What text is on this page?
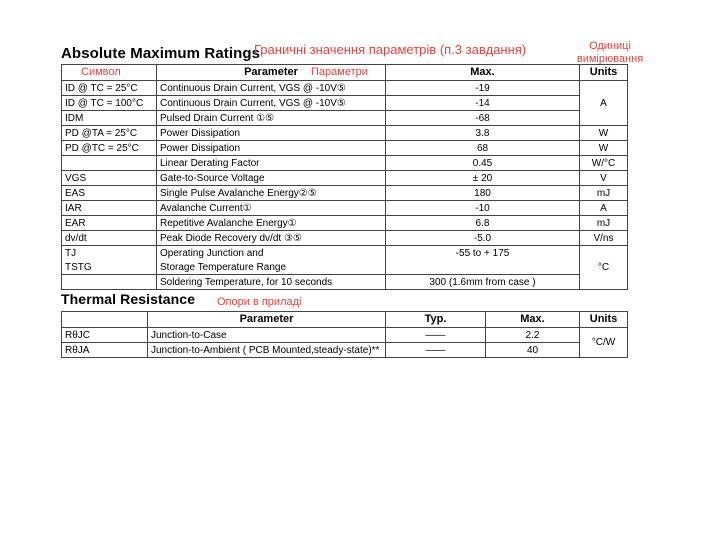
Absolute Maximum Ratings
Граничні значення параметрів (п.3 завдання)	Одиниці вимірювання
Символ	Параметри
	Parameter	Max.	Units
ID @ TC = 25°C	Continuous Drain Current, VGS @ -10V⑤	-19	
ID @ TC = 100°C	Continuous Drain Current, VGS @ -10V⑤	-14	A
IDM	Pulsed Drain Current ①⑤	-68	
PD @TA = 25°C	Power Dissipation	3.8	W
PD @TC = 25°C	Power Dissipation	68	W
	Linear Derating Factor	0.45	W/°C
VGS	Gate-to-Source Voltage	± 20	V
EAS	Single Pulse Avalanche Energy②⑤	180	mJ
IAR	Avalanche Current①	-10	A
EAR	Repetitive Avalanche Energy①	6.8	mJ
dv/dt	Peak Diode Recovery dv/dt ③⑤	-5.0	V/ns
TJ	Operating Junction and	-55 to + 175	
TSTG	Storage Temperature Range		°C
	Soldering Temperature, for 10 seconds	300 (1.6mm from case )	
Thermal Resistance Опори в приладі
	Parameter	Typ.	Max.	Units
RθJC	Junction-to-Case	——	2.2	°C/W
RθJA	Junction-to-Ambient ( PCB Mounted,steady-state)**	——	40	
